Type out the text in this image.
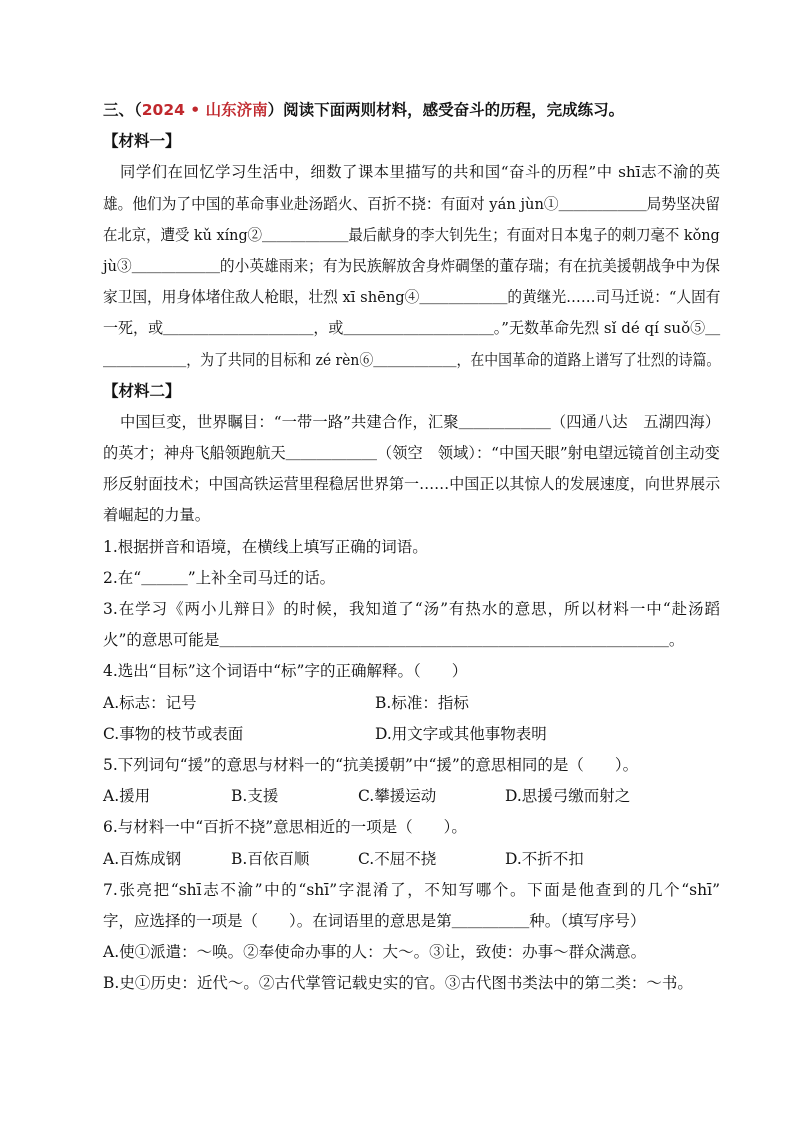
三、（2024 • 山东济南）阅读下面两则材料，感受奋斗的历程，完成练习。
【材料一】
同学们在回忆学习生活中，细数了课本里描写的共和国“奋斗的历程”中 shī志不渝的英
雄。他们为了中国的革命事业赴汤蹈火、百折不挠：有面对 yán jùn①＿＿＿＿＿＿局势坚决留
在北京，遭受 kǔ xíng②＿＿＿＿＿＿最后献身的李大钊先生；有面对日本鬼子的刺刀毫不 kǒng
jù③＿＿＿＿＿＿的小英雄雨来；有为民族解放舍身炸碉堡的董存瑞；有在抗美援朝战争中为保
家卫国，用身体堵住敌人枪眼，壮烈 xī shēng④＿＿＿＿＿＿的黄继光……司马迁说：“人固有
一死，或＿＿＿＿＿＿＿＿＿＿，或＿＿＿＿＿＿＿＿＿＿。”无数革命先烈 sǐ dé qí suǒ⑤＿
＿＿＿＿＿＿，为了共同的目标和 zé rèn⑥＿＿＿＿＿＿，在中国革命的道路上谱写了壮烈的诗篇。
【材料二】
中国巨变，世界瞩目：“一带一路”共建合作，汇聚＿＿＿＿＿＿（四通八达　五湖四海）
的英才；神舟飞船领跑航天＿＿＿＿＿＿（领空　领域）：“中国天眼”射电望远镜首创主动变
形反射面技术；中国高铁运营里程稳居世界第一……中国正以其惊人的发展速度，向世界展示
着崛起的力量。
1.根据拼音和语境，在横线上填写正确的词语。
2.在“＿＿＿”上补全司马迁的话。
3.在学习《两小儿辩日》的时候，我知道了“汤”有热水的意思，所以材料一中“赴汤蹈
火”的意思可能是＿＿＿＿＿＿＿＿＿＿＿＿＿＿＿＿＿＿＿＿＿＿＿＿＿＿＿＿＿。
4.选出“目标”这个词语中“标”字的正确解释。（　　）
A.标志：记号	B.标准：指标
C.事物的枝节或表面	D.用文字或其他事物表明
5.下列词句“援”的意思与材料一的“抗美援朝”中“援”的意思相同的是（　　）。
A.援用	B.支援	C.攀援运动	D.思援弓缴而射之
6.与材料一中“百折不挠”意思相近的一项是（　　）。
A.百炼成钢	B.百依百顺	C.不屈不挠	D.不折不扣
7.张亮把“shī志不渝”中的“shī”字混淆了，不知写哪个。下面是他查到的几个“shī”
字，应选择的一项是（　　）。在词语里的意思是第＿＿＿＿＿种。（填写序号）
A.使①派遣：～唤。②奉使命办事的人：大～。③让，致使：办事～群众满意。
B.史①历史：近代～。②古代掌管记载史实的官。③古代图书类法中的第二类：～书。
